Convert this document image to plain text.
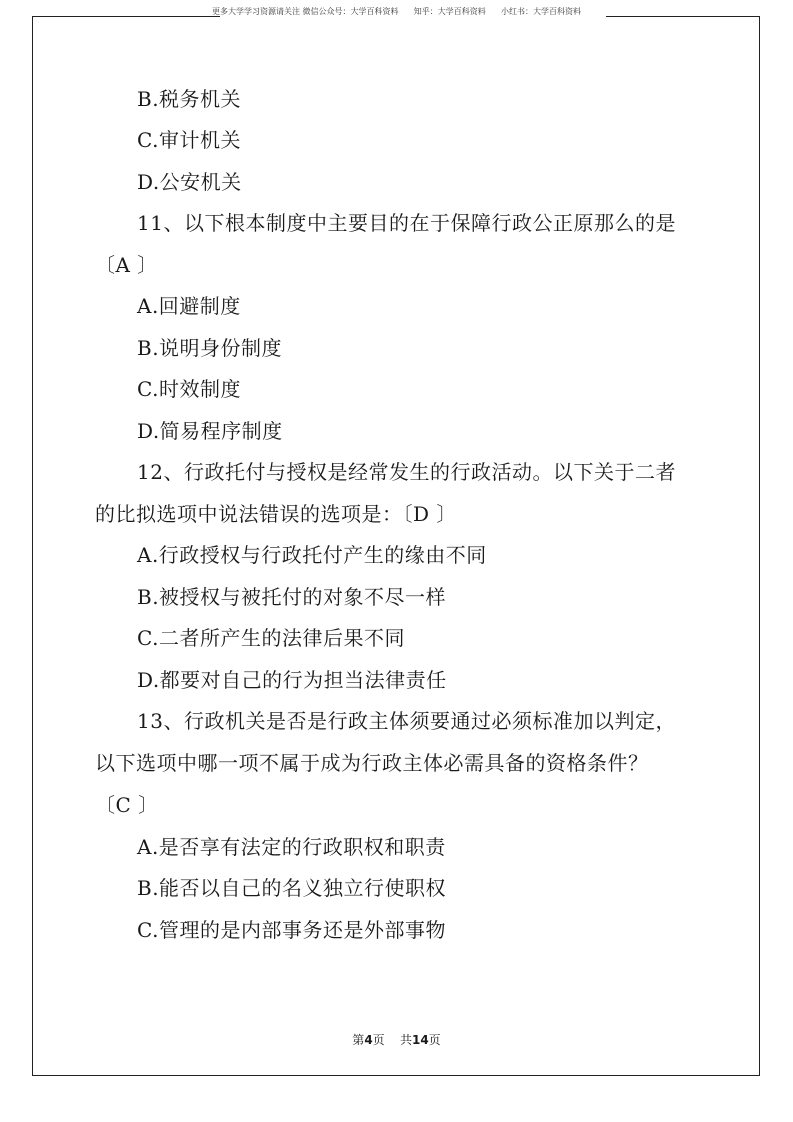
更多大学学习资源请关注 微信公众号：大学百科资料      知乎：大学百科资料      小红书：大学百科资料
B.税务机关
C.审计机关
D.公安机关
11、以下根本制度中主要目的在于保障行政公正原那么的是
〔A 〕
A.回避制度
B.说明身份制度
C.时效制度
D.简易程序制度
12、行政托付与授权是经常发生的行政活动。以下关于二者
的比拟选项中说法错误的选项是：〔D 〕
A.行政授权与行政托付产生的缘由不同
B.被授权与被托付的对象不尽一样
C.二者所产生的法律后果不同
D.都要对自己的行为担当法律责任
13、行政机关是否是行政主体须要通过必须标准加以判定，
以下选项中哪一项不属于成为行政主体必需具备的资格条件？
〔C 〕
A.是否享有法定的行政职权和职责
B.能否以自己的名义独立行使职权
C.管理的是内部事务还是外部事物
第4页 共14页
